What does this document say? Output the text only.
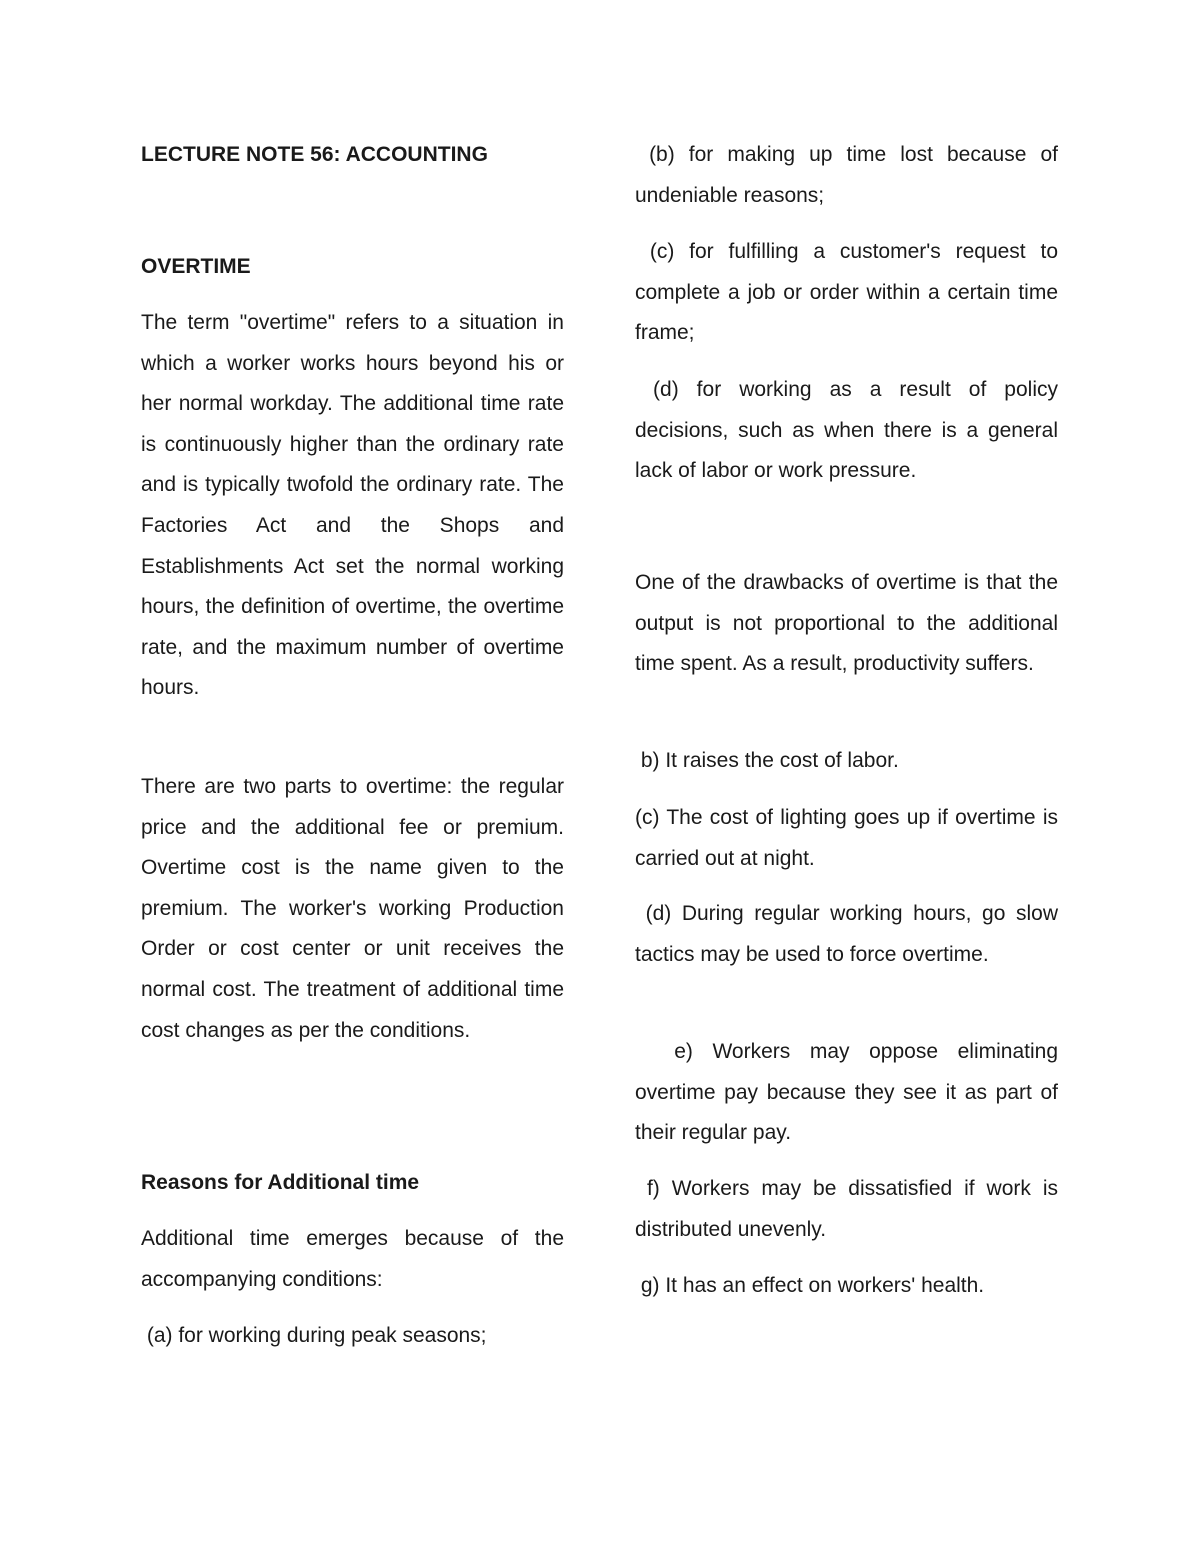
LECTURE NOTE 56: ACCOUNTING
OVERTIME

The term "overtime" refers to a situation in which a worker works hours beyond his or her normal workday. The additional time rate is continuously higher than the ordinary rate and is typically twofold the ordinary rate. The Factories Act and the Shops and Establishments Act set the normal working hours, the definition of overtime, the overtime rate, and the maximum number of overtime hours.

There are two parts to overtime: the regular price and the additional fee or premium. Overtime cost is the name given to the premium. The worker's working Production Order or cost center or unit receives the normal cost. The treatment of additional time cost changes as per the conditions.

Reasons for Additional time

Additional time emerges because of the accompanying conditions:

(a) for working during peak seasons;

(b) for making up time lost because of undeniable reasons;

(c) for fulfilling a customer's request to complete a job or order within a certain time frame;

(d) for working as a result of policy decisions, such as when there is a general lack of labor or work pressure.

One of the drawbacks of overtime is that the output is not proportional to the additional time spent. As a result, productivity suffers.

b) It raises the cost of labor.

(c) The cost of lighting goes up if overtime is carried out at night.

(d) During regular working hours, go slow tactics may be used to force overtime.

e) Workers may oppose eliminating overtime pay because they see it as part of their regular pay.

f) Workers may be dissatisfied if work is distributed unevenly.

g) It has an effect on workers' health.
